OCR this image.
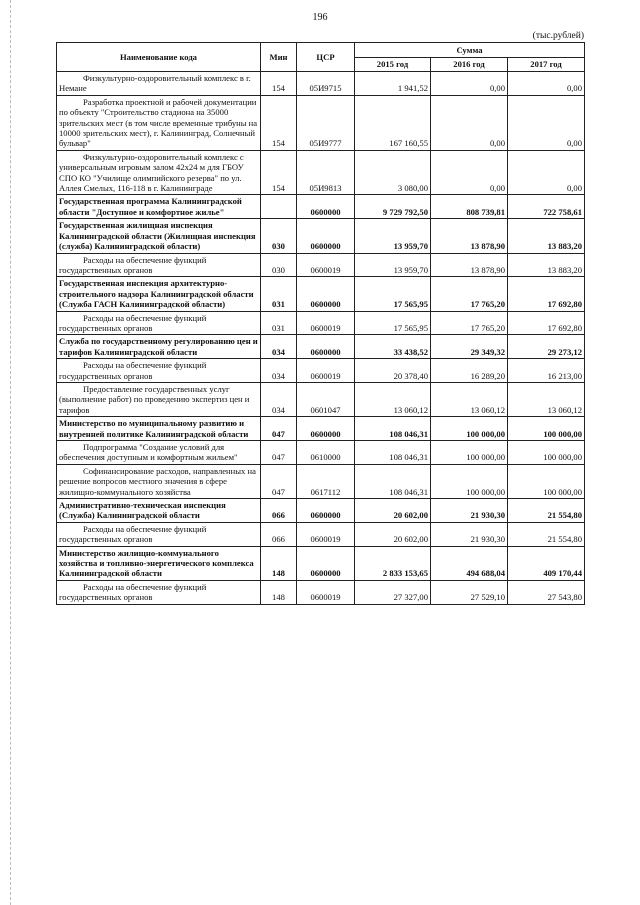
196
(тыс.рублей)
Наименование кода	Мин	ЦСР	Сумма		
			2015 год	2016 год	2017 год
Физкультурно-оздоровительный комплекс в г. Немане	154	05И9715	1 941,52	0,00	0,00
Разработка проектной и рабочей документации по объекту "Строительство стадиона на 35000 зрительских мест (в том числе временные трибуны на 10000 зрительских мест), г. Калининград, Солнечный бульвар"	154	05И9777	167 160,55	0,00	0,00
Физкультурно-оздоровительный комплекс с универсальным игровым залом 42х24 м для ГБОУ СПО КО "Училище олимпийского резерва" по ул. Аллея Смелых, 116-118 в г. Калининграде	154	05И9813	3 080,00	0,00	0,00
Государственная программа Калининградской области "Доступное и комфортное жилье"		0600000	9 729 792,50	808 739,81	722 758,61
Государственная жилищная инспекция Калининградской области (Жилищная инспекция (служба) Калининградской области)	030	0600000	13 959,70	13 878,90	13 883,20
Расходы на обеспечение функций государственных органов	030	0600019	13 959,70	13 878,90	13 883,20
Государственная инспекция архитектурно-строительного надзора Калининградской области (Служба ГАСН Калининградской области)	031	0600000	17 565,95	17 765,20	17 692,80
Расходы на обеспечение функций государственных органов	031	0600019	17 565,95	17 765,20	17 692,80
Служба по государственному регулированию цен и тарифов Калининградской области	034	0600000	33 438,52	29 349,32	29 273,12
Расходы на обеспечение функций государственных органов	034	0600019	20 378,40	16 289,20	16 213,00
Предоставление государственных услуг (выполнение работ) по проведению экспертиз цен и тарифов	034	0601047	13 060,12	13 060,12	13 060,12
Министерство по муниципальному развитию и внутренней политике Калининградской области	047	0600000	108 046,31	100 000,00	100 000,00
Подпрограмма "Создание условий для обеспечения доступным и комфортным жильем"	047	0610000	108 046,31	100 000,00	100 000,00
Софинансирование расходов, направленных на решение вопросов местного значения в сфере жилищно-коммунального хозяйства	047	0617112	108 046,31	100 000,00	100 000,00
Административно-техническая инспекция (Служба) Калининградской области	066	0600000	20 602,00	21 930,30	21 554,80
Расходы на обеспечение функций государственных органов	066	0600019	20 602,00	21 930,30	21 554,80
Министерство жилищно-коммунального хозяйства и топливно-энергетического комплекса Калининградской области	148	0600000	2 833 153,65	494 688,04	409 170,44
Расходы на обеспечение функций государственных органов	148	0600019	27 327,00	27 529,10	27 543,80
